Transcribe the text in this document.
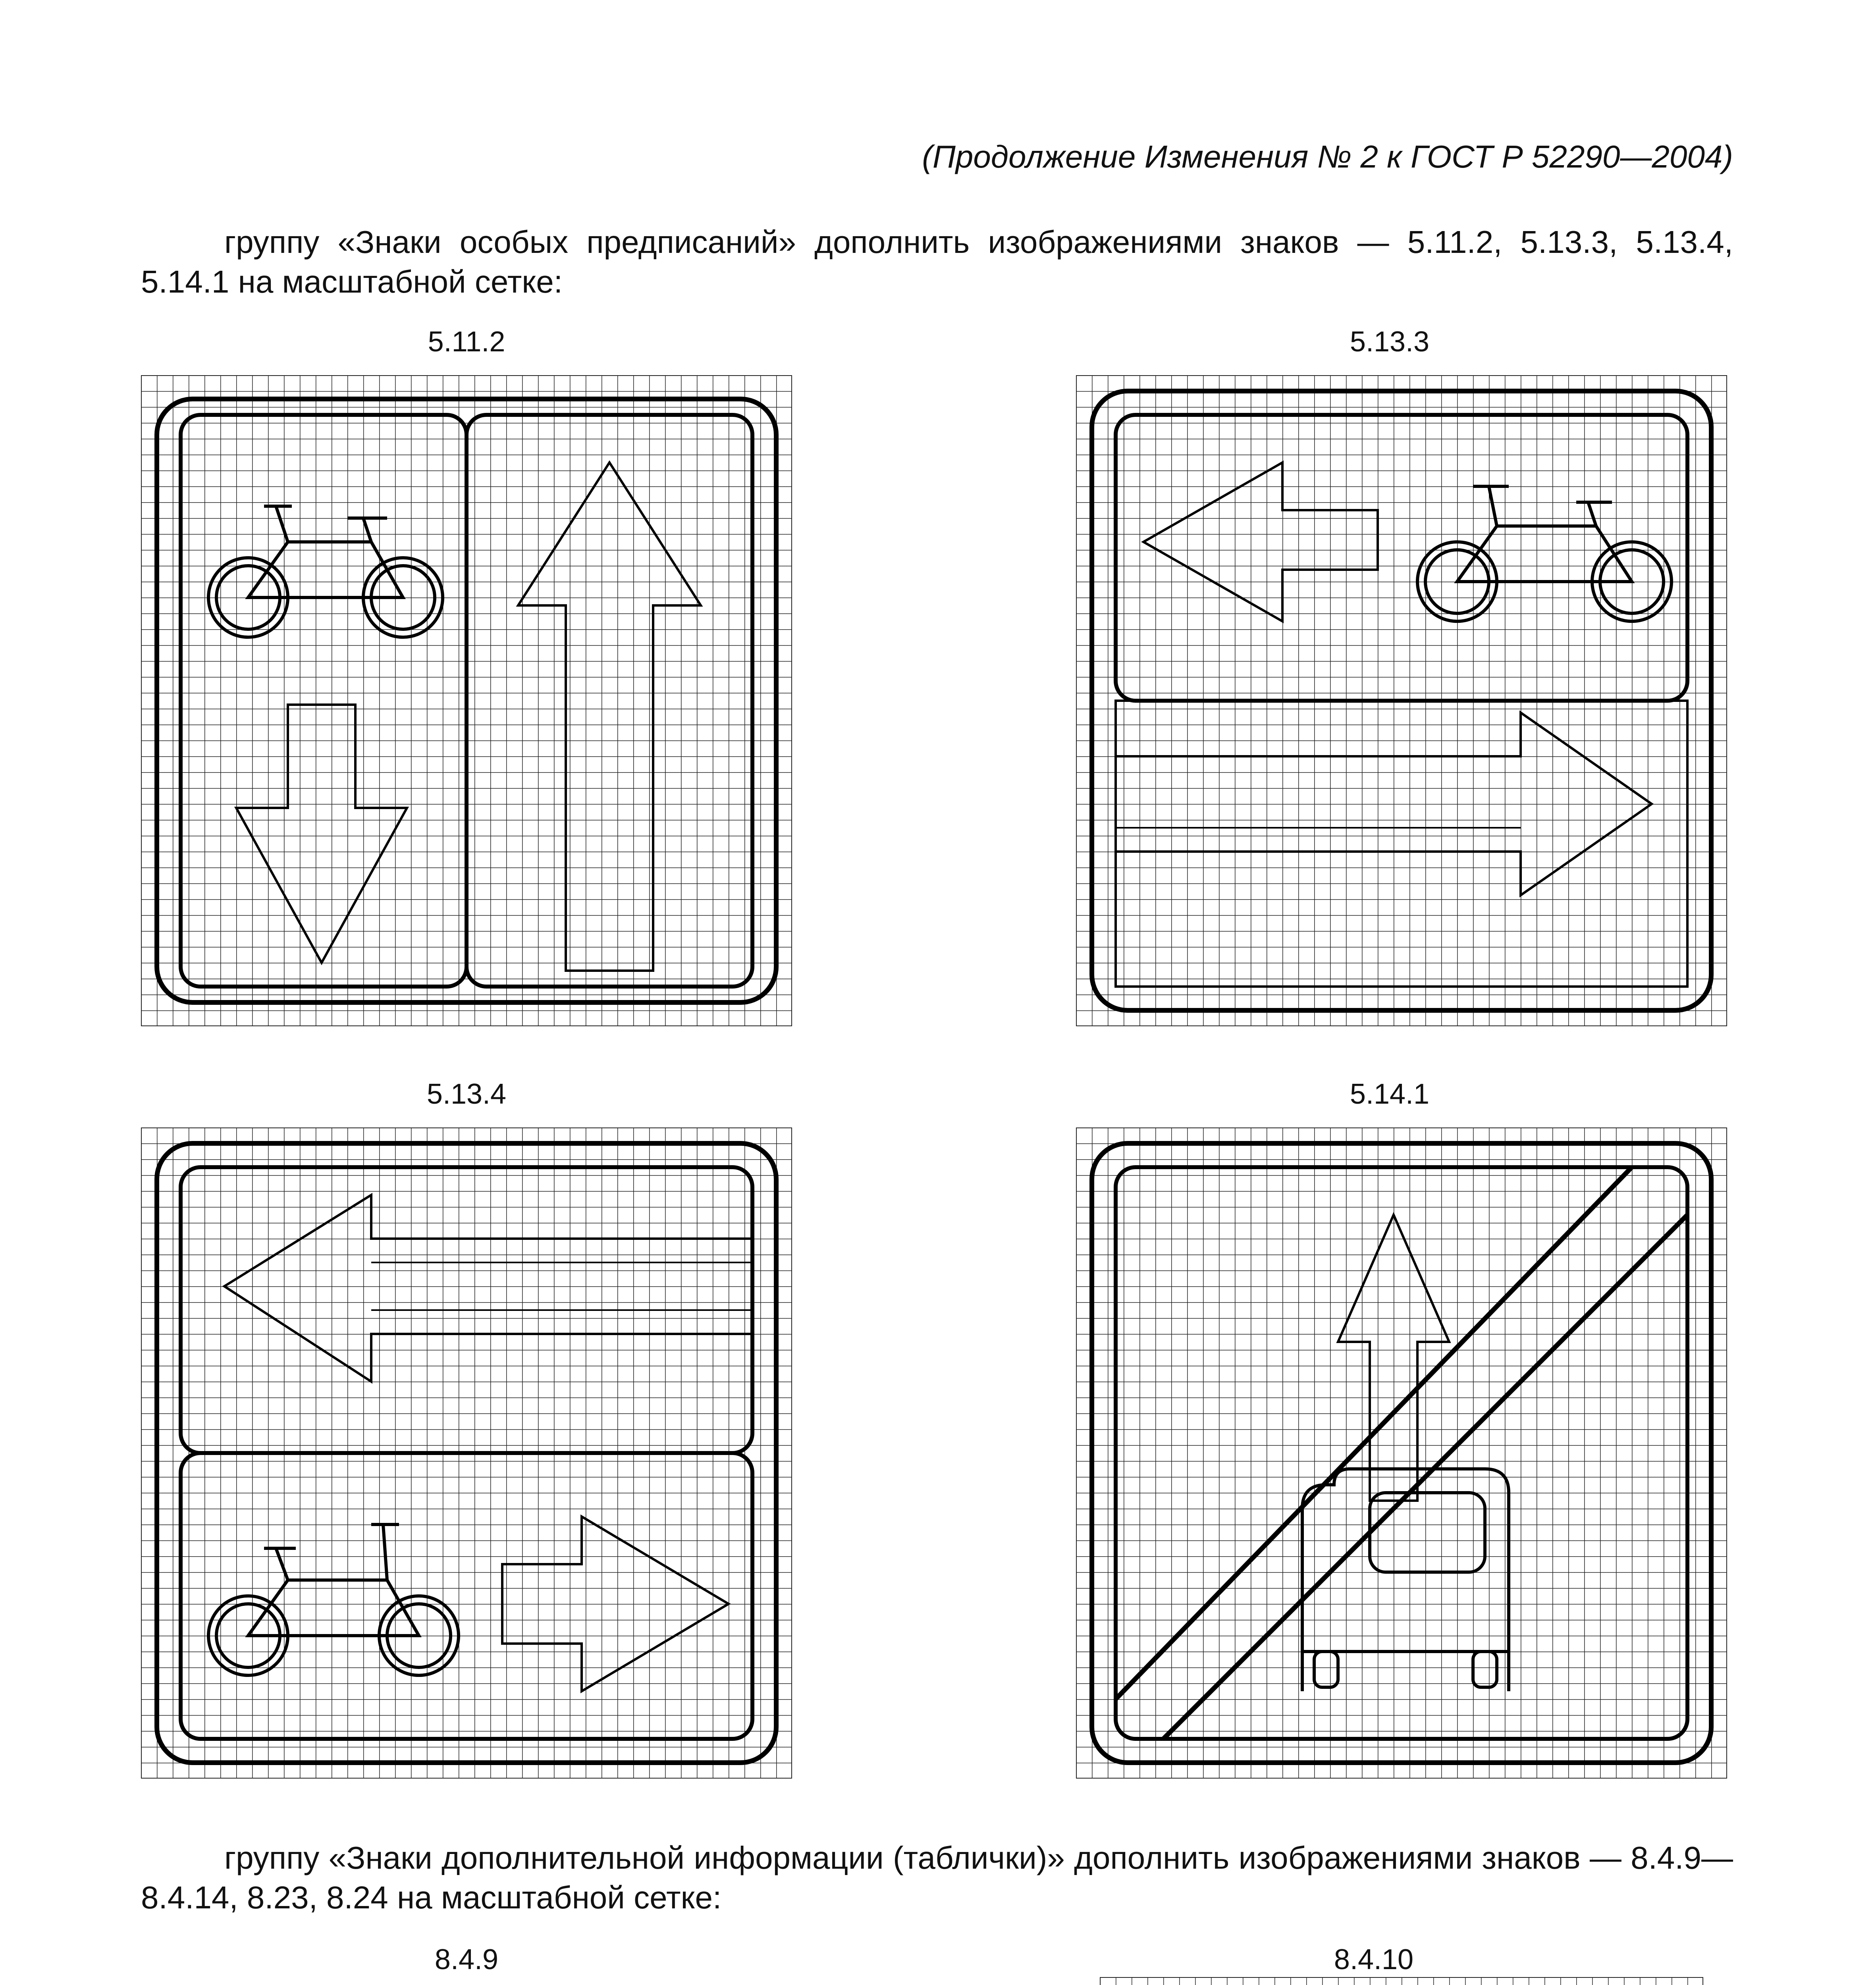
(Продолжение Изменения № 2 к ГОСТ Р 52290—2004)

группу «Знаки особых предписаний» дополнить изображениями знаков — 5.11.2, 5.13.3, 5.13.4, 5.14.1 на масштабной сетке:

5.11.2	5.13.3
5.13.4	5.14.1

группу «Знаки дополнительной информации (таблички)» дополнить изображениями знаков — 8.4.9—8.4.14, 8.23, 8.24 на масштабной сетке:

8.4.9	8.4.10
